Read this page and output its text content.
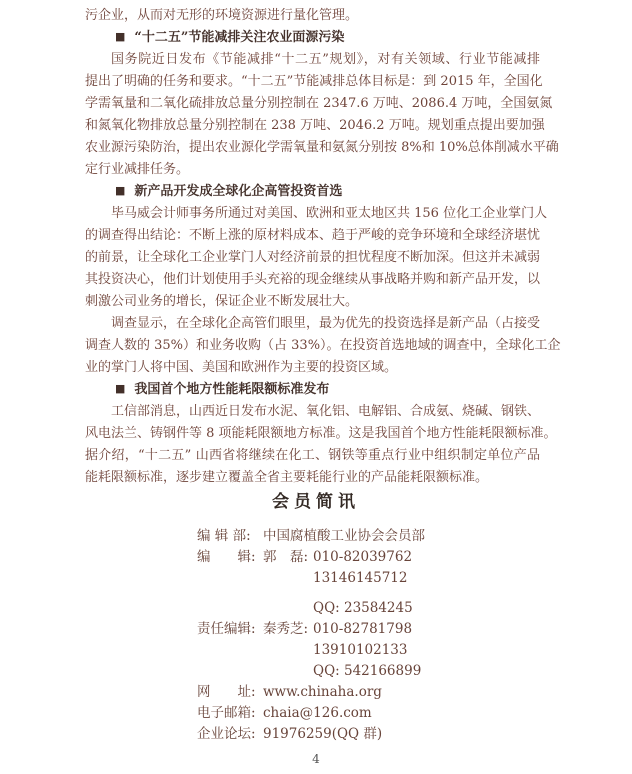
污企业，从而对无形的环境资源进行量化管理。
■ “十二五”节能减排关注农业面源污染
国务院近日发布《节能减排“十二五”规划》，对有关领域、行业节能减排
提出了明确的任务和要求。“十二五”节能减排总体目标是：到 2015 年，全国化
学需氧量和二氧化硫排放总量分别控制在 2347.6 万吨、2086.4 万吨，全国氨氮
和氮氧化物排放总量分别控制在 238 万吨、2046.2 万吨。规划重点提出要加强
农业源污染防治，提出农业源化学需氧量和氨氮分别按 8%和 10%总体削减水平确
定行业减排任务。
■ 新产品开发成全球化企高管投资首选
毕马威会计师事务所通过对美国、欧洲和亚太地区共 156 位化工企业掌门人
的调查得出结论：不断上涨的原材料成本、趋于严峻的竞争环境和全球经济堪忧
的前景，让全球化工企业掌门人对经济前景的担忧程度不断加深。但这并未减弱
其投资决心，他们计划使用手头充裕的现金继续从事战略并购和新产品开发，以
刺激公司业务的增长，保证企业不断发展壮大。
调查显示，在全球化企高管们眼里，最为优先的投资选择是新产品（占接受
调查人数的 35%）和业务收购（占 33%）。在投资首选地域的调查中，全球化工企
业的掌门人将中国、美国和欧洲作为主要的投资区域。
■ 我国首个地方性能耗限额标准发布
工信部消息，山西近日发布水泥、氧化铝、电解铝、合成氨、烧碱、钢铁、
风电法兰、铸钢件等 8 项能耗限额地方标准。这是我国首个地方性能耗限额标准。
据介绍，“十二五” 山西省将继续在化工、钢铁等重点行业中组织制定单位产品
能耗限额标准，逐步建立覆盖全省主要耗能行业的产品能耗限额标准。
会员简讯
编 辑 部: 中国腐植酸工业协会会员部
编　　辑: 郭　磊: 010-82039762
13146145712
QQ: 23584245
责任编辑: 秦秀芝: 010-82781798
13910102133
QQ: 542166899
网　　址: www.chinaha.org
电子邮箱: chaia@126.com
企业论坛: 91976259(QQ 群)
4
